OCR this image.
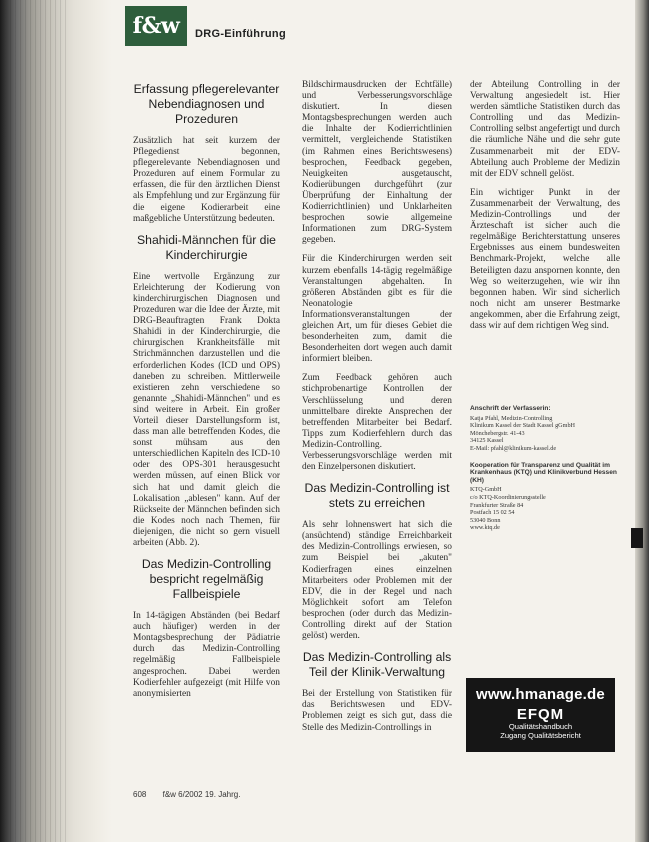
f&w	DRG-Einführung
Erfassung pflegerelevanter Nebendiagnosen und Prozeduren

Zusätzlich hat seit kurzem der Pflegedienst begonnen, pflegerelevante Nebendiagnosen und Prozeduren auf einem Formular zu erfassen, die für den ärztlichen Dienst als Empfehlung und zur Ergänzung für die eigene Kodierarbeit eine maßgebliche Unterstützung bedeuten.

Shahidi-Männchen für die Kinderchirurgie

Eine wertvolle Ergänzung zur Erleichterung der Kodierung von kinderchirurgischen Diagnosen und Prozeduren war die Idee der Ärzte, mit DRG-Beauftragten Frank Dokta Shahidi in der Kinderchirurgie, die chirurgischen Krankheitsfälle mit Strichmännchen darzustellen und die erforderlichen Kodes (ICD und OPS) daneben zu schreiben. Mittlerweile existieren zehn verschiedene so genannte „Shahidi-Männchen" und es sind weitere in Arbeit. Ein großer Vorteil dieser Darstellungsform ist, dass man alle betreffenden Kodes, die sonst mühsam aus den unterschiedlichen Kapiteln des ICD-10 oder des OPS-301 herausgesucht werden müssen, auf einen Blick vor sich hat und damit gleich die Lokalisation „ablesen" kann. Auf der Rückseite der Männchen befinden sich die Kodes noch nach Themen, für diejenigen, die nicht so gern visuell arbeiten (Abb. 2).

Das Medizin-Controlling bespricht regelmäßig Fallbeispiele

In 14-tägigen Abständen (bei Bedarf auch häufiger) werden in der Montagsbesprechung der Pädiatrie durch das Medizin-Controlling regelmäßig Fallbeispiele angesprochen. Dabei werden Kodierfehler aufgezeigt (mit Hilfe von anonymisierten

Bildschirmausdrucken der Echtfälle) und Verbesserungsvorschläge diskutiert. In diesen Montagsbesprechungen werden auch die Inhalte der Kodierrichtlinien vermittelt, vergleichende Statistiken (im Rahmen eines Berichtswesens) besprochen, Feedback gegeben, Neuigkeiten ausgetauscht, Kodierübungen durchgeführt (zur Überprüfung der Einhaltung der Kodierrichtlinien) und Unklarheiten besprochen sowie allgemeine Informationen zum DRG-System gegeben.

Für die Kinderchirurgen werden seit kurzem ebenfalls 14-tägig regelmäßige Veranstaltungen abgehalten. In größeren Abständen gibt es für die Neonatologie Informationsveranstaltungen der gleichen Art, um für dieses Gebiet die besonderheiten zum, damit die Besonderheiten dort wegen auch damit informiert bleiben.

Zum Feedback gehören auch stichprobenartige Kontrollen der Verschlüsselung und deren unmittelbare direkte Ansprechen der betreffenden Mitarbeiter bei Bedarf. Tipps zum Kodierfehlern durch das Medizin-Controlling. Verbesserungsvorschläge werden mit den Einzelpersonen diskutiert.

Das Medizin-Controlling ist stets zu erreichen

Als sehr lohnenswert hat sich die (ansüchtend) ständige Erreichbarkeit des Medizin-Controllings erwiesen, so zum Beispiel bei „akuten" Kodierfragen eines einzelnen Mitarbeiters oder Problemen mit der EDV, die in der Regel und nach Möglichkeit sofort am Telefon besprochen (oder durch das Medizin-Controlling direkt auf der Station gelöst) werden.

Das Medizin-Controlling als Teil der Klinik-Verwaltung

Bei der Erstellung von Statistiken für das Berichtswesen und EDV-Problemen zeigt es sich gut, dass die Stelle des Medizin-Controllings in

der Abteilung Controlling in der Verwaltung angesiedelt ist. Hier werden sämtliche Statistiken durch das Controlling und das Medizin-Controlling selbst angefertigt und durch die räumliche Nähe und die sehr gute Zusammenarbeit mit der EDV-Abteilung auch Probleme der Medizin mit der EDV schnell gelöst.

Ein wichtiger Punkt in der Zusammenarbeit der Verwaltung, des Medizin-Controllings und der Ärzteschaft ist sicher auch die regelmäßige Berichterstattung unseres Ergebnisses aus einem bundesweiten Benchmark-Projekt, welche alle Beteiligten dazu anspornen konnte, den Weg so weiterzugehen, wie wir ihn begonnen haben. Wir sind sicherlich noch nicht am unserer Bestmarke angekommen, aber die Erfahrung zeigt, dass wir auf dem richtigen Weg sind.

Anschrift der Verfasserin:
Katja Pfahl, Medizin-Controlling
Klinikum Kassel der Stadt Kassel gGmbH
Mönchebergstr. 41-43
34125 Kassel
E-Mail: pfahl@klinikum-kassel.de
Kooperation für Transparenz und Qualität im Krankenhaus (KTQ) und Klinikverbund Hessen (KH)
KTQ-GmbH
c/o KTQ-Koordinierungsstelle
Frankfurter Straße 84
Postfach 15 02 54
53040 Bonn
www.ktq.de
www.hmanage.de
EFQM
Qualitätshandbuch
Zugang Qualitätsbericht
608 f&w 6/2002 19. Jahrg.
